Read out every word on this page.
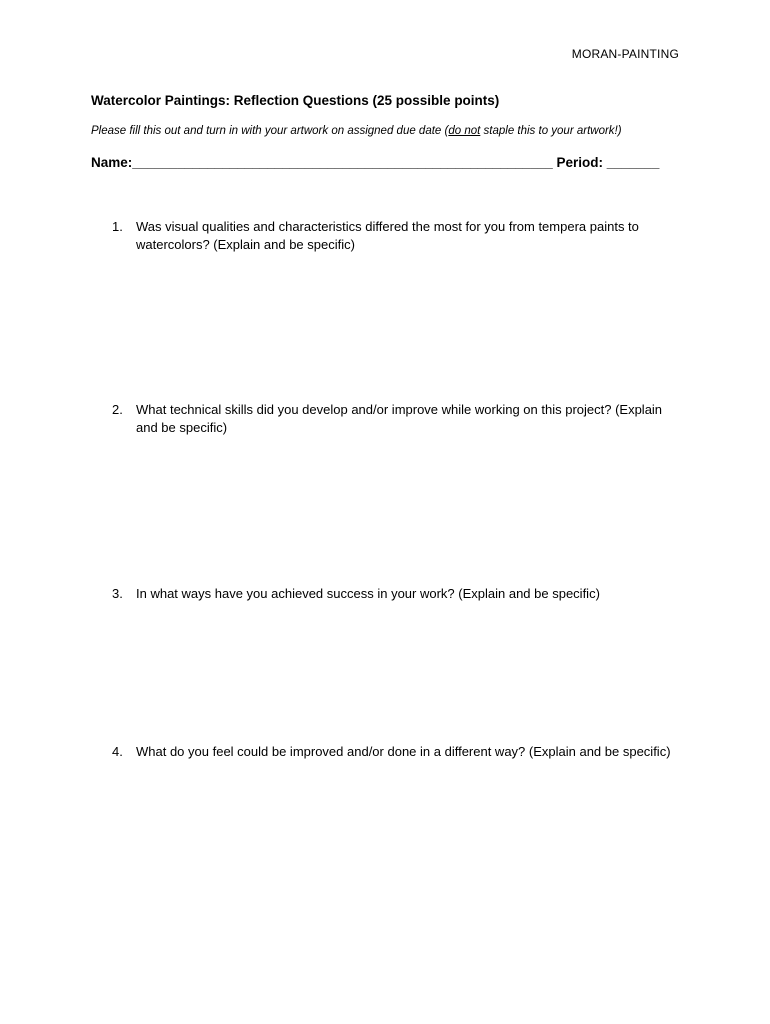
MORAN-PAINTING
Watercolor Paintings: Reflection Questions (25 possible points)
Please fill this out and turn in with your artwork on assigned due date (do not staple this to your artwork!)
Name:________________________________________________________ Period: _______
1. Was visual qualities and characteristics differed the most for you from tempera paints to watercolors? (Explain and be specific)
2. What technical skills did you develop and/or improve while working on this project? (Explain and be specific)
3. In what ways have you achieved success in your work? (Explain and be specific)
4. What do you feel could be improved and/or done in a different way? (Explain and be specific)
